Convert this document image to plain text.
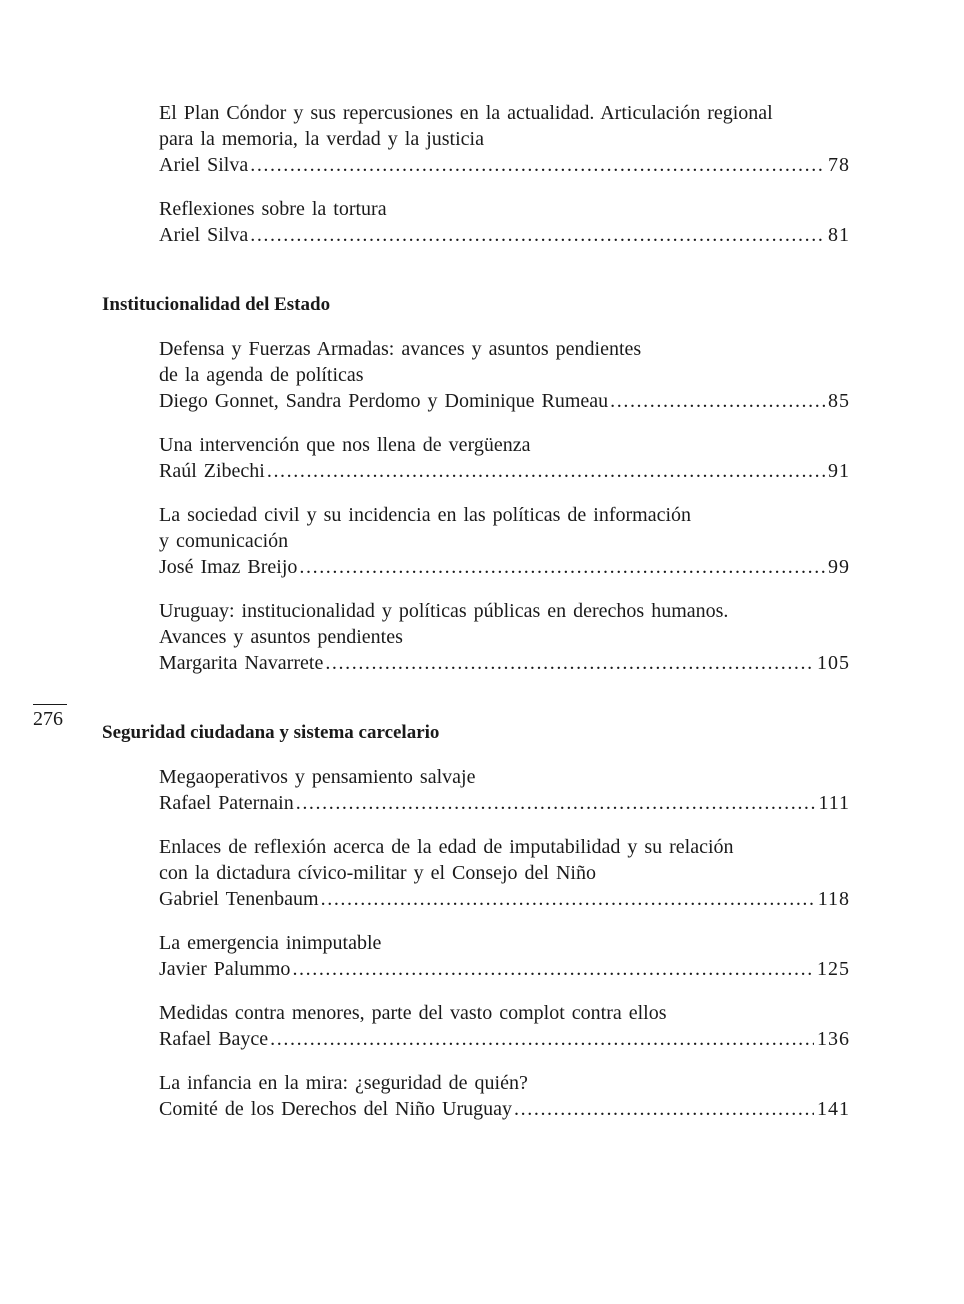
El Plan Cóndor y sus repercusiones en la actualidad. Articulación regional
para la memoria, la verdad y la justicia
Ariel Silva .....	78
Reflexiones sobre la tortura
Ariel Silva .....	81
Institucionalidad del Estado
Defensa y Fuerzas Armadas: avances y asuntos pendientes
de la agenda de políticas
Diego Gonnet, Sandra Perdomo y Dominique Rumeau .....	85
Una intervención que nos llena de vergüenza
Raúl Zibechi .....	91
La sociedad civil y su incidencia en las políticas de información
y comunicación
José Imaz Breijo .....	99
Uruguay: institucionalidad y políticas públicas en derechos humanos.
Avances y asuntos pendientes
Margarita Navarrete .....	105
Seguridad ciudadana y sistema carcelario
Megaoperativos y pensamiento salvaje
Rafael Paternain .....	111
Enlaces de reflexión acerca de la edad de imputabilidad y su relación
con la dictadura cívico-militar y el Consejo del Niño
Gabriel Tenenbaum .....	118
La emergencia inimputable
Javier Palummo .....	125
Medidas contra menores, parte del vasto complot contra ellos
Rafael Bayce .....	136
La infancia en la mira: ¿seguridad de quién?
Comité de los Derechos del Niño Uruguay .....	141
276
